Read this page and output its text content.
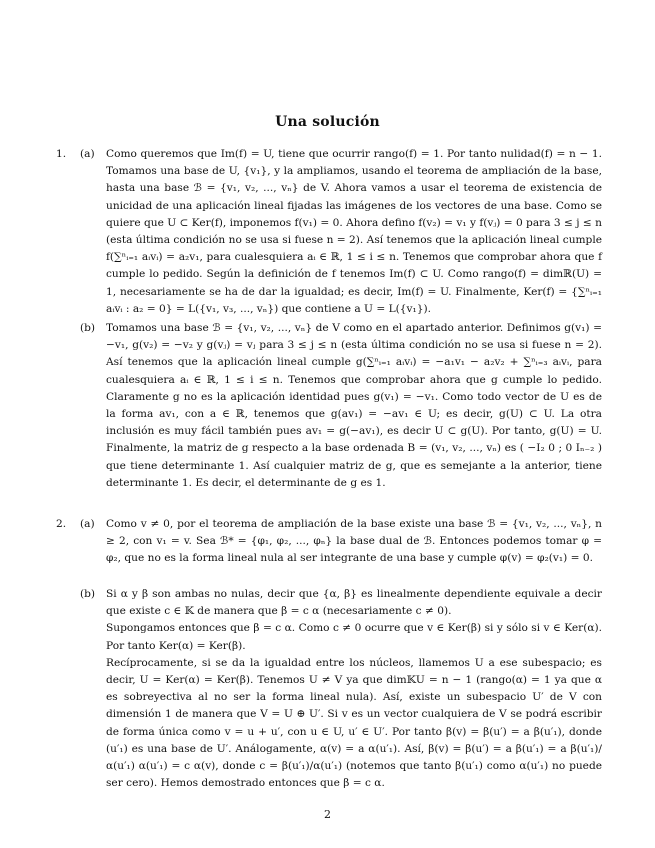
Una solución
1.	(a)	Como queremos que Im(f) = U, tiene que ocurrir rango(f) = 1. Por tanto nulidad(f) = n − 1. Tomamos una base de U, {v₁}, y la ampliamos, usando el teorema de ampliación de la base, hasta una base ℬ = {v₁, v₂, ..., vₙ} de V. Ahora vamos a usar el teorema de existencia de unicidad de una aplicación lineal fijadas las imágenes de los vectores de una base. Como se quiere que U ⊂ Ker(f), imponemos f(v₁) = 0. Ahora defino f(v₂) = v₁ y f(vⱼ) = 0 para 3 ≤ j ≤ n (esta última condición no se usa si fuese n = 2). Así tenemos que la aplicación lineal cumple f(∑ⁿᵢ₌₁ aᵢvᵢ) = a₂v₁, para cualesquiera aᵢ ∈ ℝ, 1 ≤ i ≤ n. Tenemos que comprobar ahora que f cumple lo pedido. Según la definición de f tenemos Im(f) ⊂ U. Como rango(f) = dimℝ(U) = 1, necesariamente se ha de dar la igualdad; es decir, Im(f) = U. Finalmente, Ker(f) = {∑ⁿᵢ₌₁ aᵢvᵢ : a₂ = 0} = L({v₁, v₃, ..., vₙ}) que contiene a U = L({v₁}).

(b)	Tomamos una base ℬ = {v₁, v₂, ..., vₙ} de V como en el apartado anterior. Definimos g(v₁) = −v₁, g(v₂) = −v₂ y g(vⱼ) = vⱼ para 3 ≤ j ≤ n (esta última condición no se usa si fuese n = 2). Así tenemos que la aplicación lineal cumple g(∑ⁿᵢ₌₁ aᵢvᵢ) = −a₁v₁ − a₂v₂ + ∑ⁿᵢ₌₃ aᵢvᵢ, para cualesquiera aᵢ ∈ ℝ, 1 ≤ i ≤ n. Tenemos que comprobar ahora que g cumple lo pedido. Claramente g no es la aplicación identidad pues g(v₁) = −v₁. Como todo vector de U es de la forma av₁, con a ∈ ℝ, tenemos que g(av₁) = −av₁ ∈ U; es decir, g(U) ⊂ U. La otra inclusión es muy fácil también pues av₁ = g(−av₁), es decir U ⊂ g(U). Por tanto, g(U) = U. Finalmente, la matriz de g respecto a la base ordenada B = (v₁, v₂, ..., vₙ) es ( −I₂ 0 ; 0 Iₙ₋₂ ) que tiene determinante 1. Así cualquier matriz de g, que es semejante a la anterior, tiene determinante 1. Es decir, el determinante de g es 1.

2.	(a)	Como v ≠ 0, por el teorema de ampliación de la base existe una base ℬ = {v₁, v₂, ..., vₙ}, n ≥ 2, con v₁ = v. Sea ℬ* = {φ₁, φ₂, ..., φₙ} la base dual de ℬ. Entonces podemos tomar φ = φ₂, que no es la forma lineal nula al ser integrante de una base y cumple φ(v) = φ₂(v₁) = 0.

(b)	Si α y β son ambas no nulas, decir que {α, β} es linealmente dependiente equivale a decir que existe c ∈ 𝕂 de manera que β = c α (necesariamente c ≠ 0).

Supongamos entonces que β = c α. Como c ≠ 0 ocurre que v ∈ Ker(β) si y sólo si v ∈ Ker(α). Por tanto Ker(α) = Ker(β).

Recíprocamente, si se da la igualdad entre los núcleos, llamemos U a ese subespacio; es decir, U = Ker(α) = Ker(β). Tenemos U ≠ V ya que dim𝕂U = n − 1 (rango(α) = 1 ya que α es sobreyectiva al no ser la forma lineal nula). Así, existe un subespacio U′ de V con dimensión 1 de manera que V = U ⊕ U′. Si v es un vector cualquiera de V se podrá escribir de forma única como v = u + u′, con u ∈ U, u′ ∈ U′. Por tanto β(v) = β(u′) = a β(u′₁), donde (u′₁) es una base de U′. Análogamente, α(v) = a α(u′₁). Así, β(v) = β(u′) = a β(u′₁) = a β(u′₁)/α(u′₁) α(u′₁) = c α(v), donde c = β(u′₁)/α(u′₁) (notemos que tanto β(u′₁) como α(u′₁) no puede ser cero). Hemos demostrado entonces que β = c α.

2
